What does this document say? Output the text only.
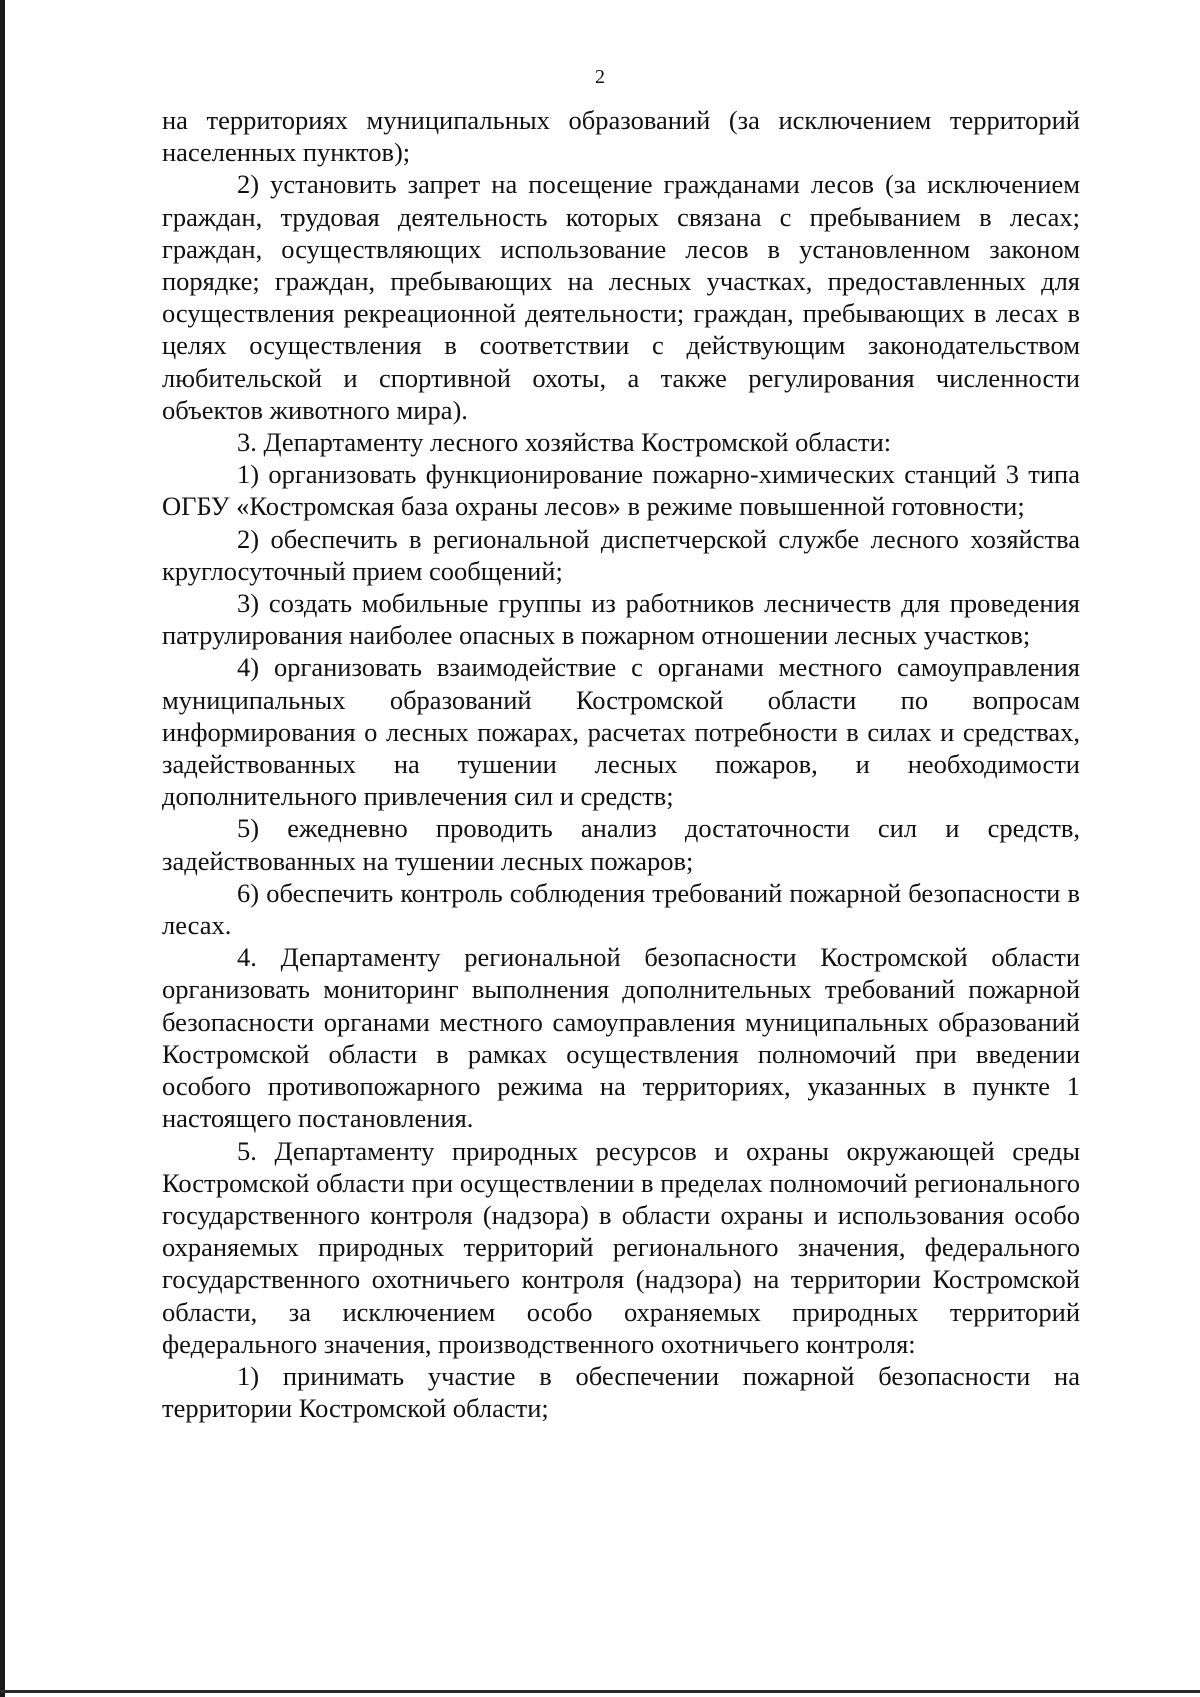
2

на территориях муниципальных образований (за исключением территорий населенных пунктов);

2) установить запрет на посещение гражданами лесов (за исключением граждан, трудовая деятельность которых связана с пребыванием в лесах; граждан, осуществляющих использование лесов в установленном законом порядке; граждан, пребывающих на лесных участках, предоставленных для осуществления рекреационной деятельности; граждан, пребывающих в лесах в целях осуществления в соответствии с действующим законодательством любительской и спортивной охоты, а также регулирования численности объектов животного мира).

3. Департаменту лесного хозяйства Костромской области:

1) организовать функционирование пожарно-химических станций 3 типа ОГБУ «Костромская база охраны лесов» в режиме повышенной готовности;

2) обеспечить в региональной диспетчерской службе лесного хозяйства круглосуточный прием сообщений;

3) создать мобильные группы из работников лесничеств для проведения патрулирования наиболее опасных в пожарном отношении лесных участков;

4) организовать взаимодействие с органами местного самоуправления муниципальных образований Костромской области по вопросам информирования о лесных пожарах, расчетах потребности в силах и средствах, задействованных на тушении лесных пожаров, и необходимости дополнительного привлечения сил и средств;

5) ежедневно проводить анализ достаточности сил и средств, задействованных на тушении лесных пожаров;

6) обеспечить контроль соблюдения требований пожарной безопасности в лесах.

4. Департаменту региональной безопасности Костромской области организовать мониторинг выполнения дополнительных требований пожарной безопасности органами местного самоуправления муниципальных образований Костромской области в рамках осуществления полномочий при введении особого противопожарного режима на территориях, указанных в пункте 1 настоящего постановления.

5. Департаменту природных ресурсов и охраны окружающей среды Костромской области при осуществлении в пределах полномочий регионального государственного контроля (надзора) в области охраны и использования особо охраняемых природных территорий регионального значения, федерального государственного охотничьего контроля (надзора) на территории Костромской области, за исключением особо охраняемых природных территорий федерального значения, производственного охотничьего контроля:

1) принимать участие в обеспечении пожарной безопасности на территории Костромской области;
